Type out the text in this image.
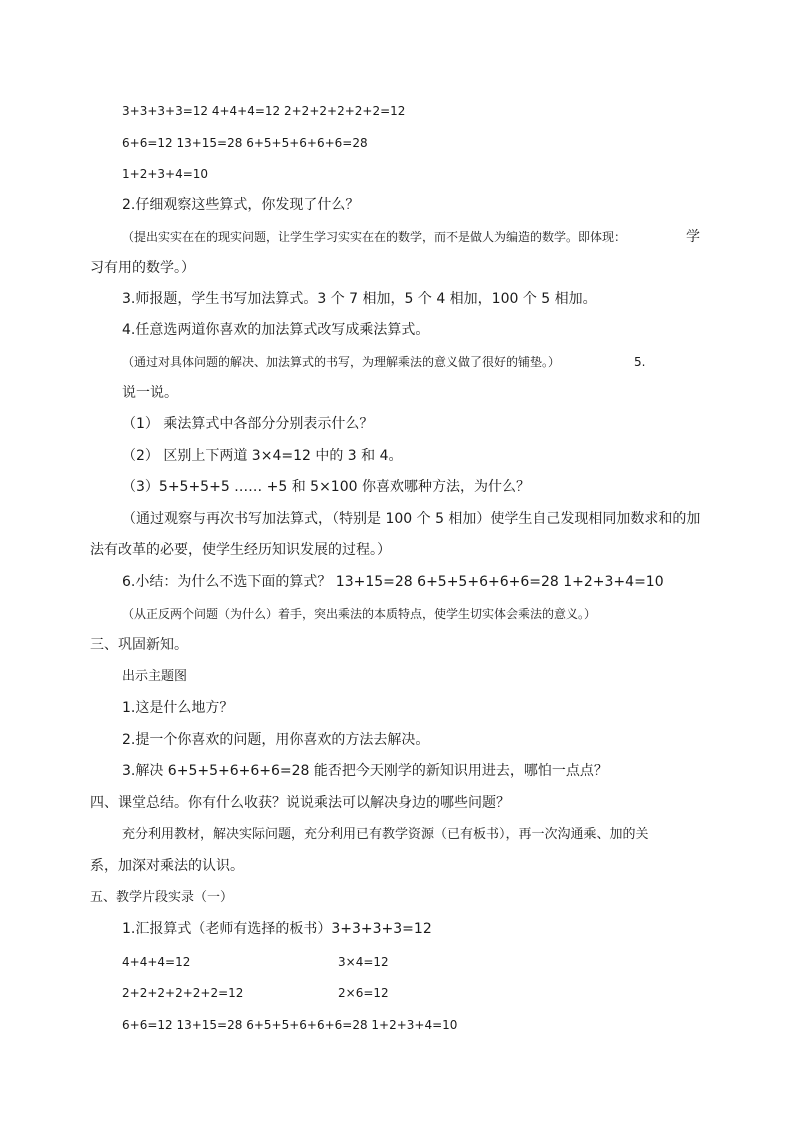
3+3+3+3=12 4+4+4=12 2+2+2+2+2+2=12
6+6=12 13+15=28 6+5+5+6+6+6=28
1+2+3+4=10
2.仔细观察这些算式，你发现了什么？
（提出实实在在的现实问题，让学生学习实实在在的数学，而不是做人为编造的数学。即体现：	学
习有用的数学。）
3.师报题，学生书写加法算式。3 个 7 相加，5 个 4 相加，100 个 5 相加。
4.任意选两道你喜欢的加法算式改写成乘法算式。
（通过对具体问题的解决、加法算式的书写，为理解乘法的意义做了很好的铺垫。）	5.
说一说。
（1） 乘法算式中各部分分别表示什么？
（2） 区别上下两道 3×4=12 中的 3 和 4。
（3）5+5+5+5 …… +5 和 5×100 你喜欢哪种方法，为什么？
（通过观察与再次书写加法算式，（特别是 100 个 5 相加）使学生自己发现相同加数求和的加
法有改革的必要，使学生经历知识发展的过程。）
6.小结：为什么不选下面的算式？ 13+15=28 6+5+5+6+6+6=28 1+2+3+4=10
（从正反两个问题（为什么）着手，突出乘法的本质特点，使学生切实体会乘法的意义。）
三、巩固新知。
出示主题图
1.这是什么地方？
2.提一个你喜欢的问题，用你喜欢的方法去解决。
3.解决 6+5+5+6+6+6=28 能否把今天刚学的新知识用进去，哪怕一点点？
四、课堂总结。你有什么收获？说说乘法可以解决身边的哪些问题？
充分利用教材，解决实际问题，充分利用已有教学资源（已有板书），再一次沟通乘、加的关
系，加深对乘法的认识。
五、教学片段实录（一）
1.汇报算式（老师有选择的板书）3+3+3+3=12
4+4+4=12	3×4=12
2+2+2+2+2+2=12	2×6=12
6+6=12 13+15=28 6+5+5+6+6+6=28 1+2+3+4=10
